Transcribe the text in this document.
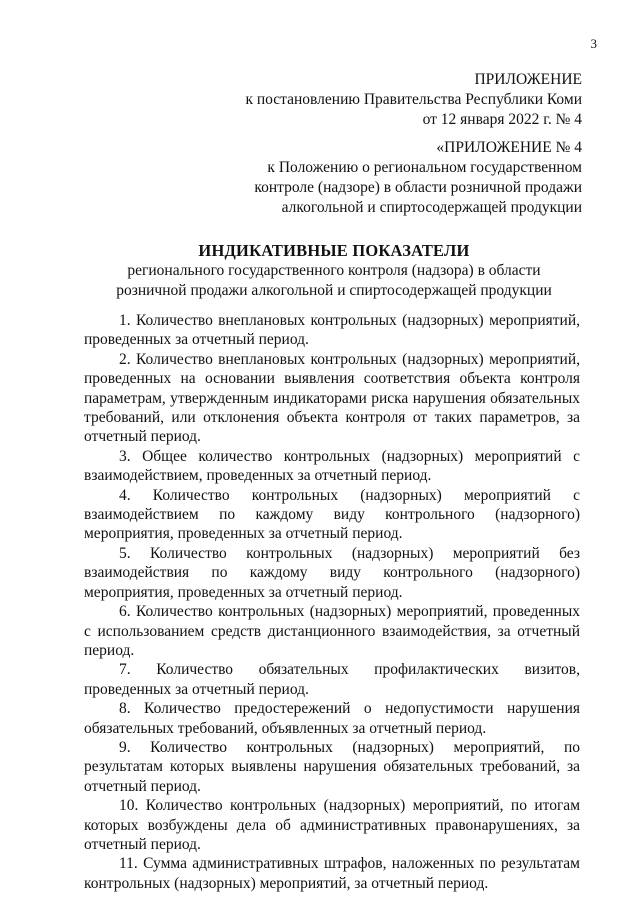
3
ПРИЛОЖЕНИЕ
к постановлению Правительства Республики Коми
от 12 января 2022 г. № 4
«ПРИЛОЖЕНИЕ № 4
к Положению о региональном государственном
контроле (надзоре) в области розничной продажи
алкогольной и спиртосодержащей продукции
ИНДИКАТИВНЫЕ ПОКАЗАТЕЛИ
регионального государственного контроля (надзора) в области
розничной продажи алкогольной и спиртосодержащей продукции

1. Количество внеплановых контрольных (надзорных) мероприятий, проведенных за отчетный период.

2. Количество внеплановых контрольных (надзорных) мероприятий, проведенных на основании выявления соответствия объекта контроля параметрам, утвержденным индикаторами риска нарушения обязательных требований, или отклонения объекта контроля от таких параметров, за отчетный период.

3. Общее количество контрольных (надзорных) мероприятий с взаимодействием, проведенных за отчетный период.

4. Количество контрольных (надзорных) мероприятий с взаимодействием по каждому виду контрольного (надзорного) мероприятия, проведенных за отчетный период.

5. Количество контрольных (надзорных) мероприятий без взаимодействия по каждому виду контрольного (надзорного) мероприятия, проведенных за отчетный период.

6. Количество контрольных (надзорных) мероприятий, проведенных с использованием средств дистанционного взаимодействия, за отчетный период.

7. Количество обязательных профилактических визитов, проведенных за отчетный период.

8. Количество предостережений о недопустимости нарушения обязательных требований, объявленных за отчетный период.

9. Количество контрольных (надзорных) мероприятий, по результатам которых выявлены нарушения обязательных требований, за отчетный период.

10. Количество контрольных (надзорных) мероприятий, по итогам которых возбуждены дела об административных правонарушениях, за отчетный период.

11. Сумма административных штрафов, наложенных по результатам контрольных (надзорных) мероприятий, за отчетный период.
